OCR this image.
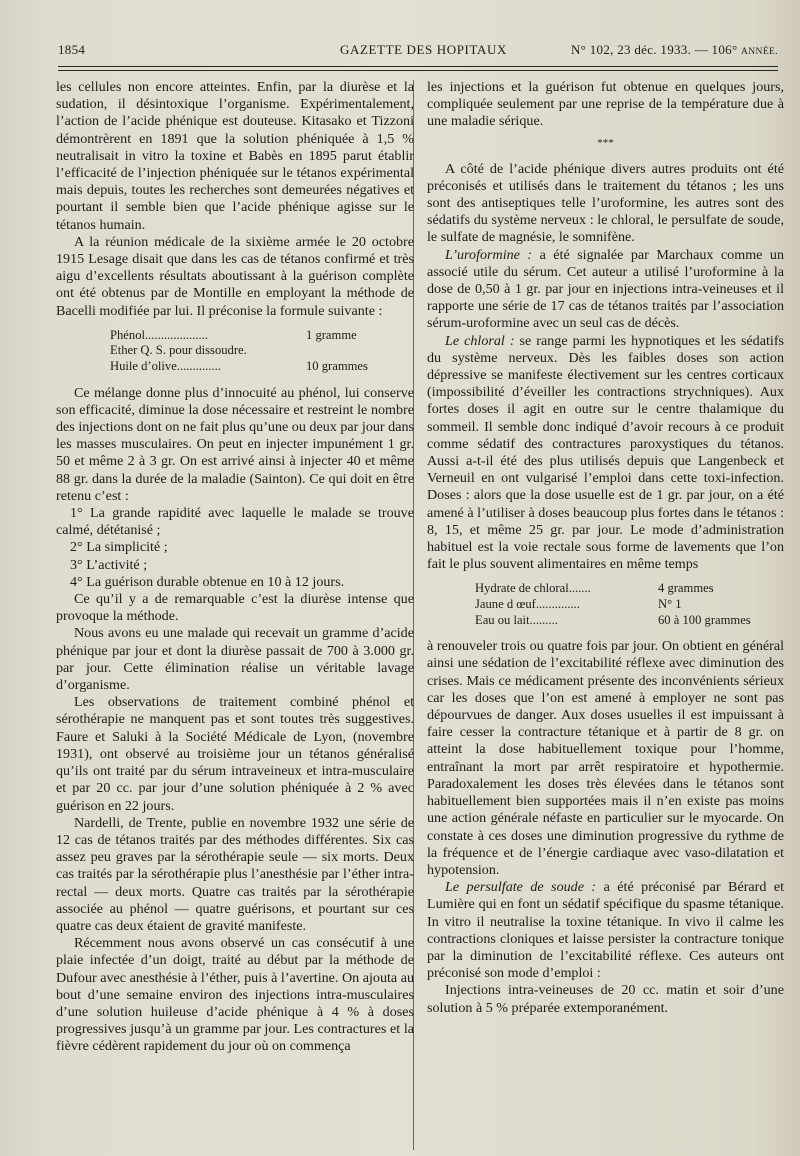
1854	GAZETTE DES HOPITAUX	N° 102, 23 déc. 1933. — 106° ANNÉE.

les cellules non encore atteintes. Enfin, par la diurèse et la sudation, il désintoxique l’organisme. Expérimentalement, l’action de l’acide phénique est douteuse. Kitasako et Tizzoni démontrèrent en 1891 que la solution phéniquée à 1,5 % neutralisait in vitro la toxine et Babès en 1895 parut établir l’efficacité de l’injection phéniquée sur le tétanos expérimental mais depuis, toutes les recherches sont demeurées négatives et pourtant il semble bien que l’acide phénique agisse sur le tétanos humain.

A la réunion médicale de la sixième armée le 20 octobre 1915 Lesage disait que dans les cas de tétanos confirmé et très aigu d’excellents résultats aboutissant à la guérison complète ont été obtenus par de Montille en employant la méthode de Bacelli modifiée par lui. Il préconise la formule suivante :

Phénol....................	1 gramme
Ether Q. S. pour dissoudre.
Huile d’olive..............	10 grammes

Ce mélange donne plus d’innocuité au phénol, lui conserve son efficacité, diminue la dose nécessaire et restreint le nombre des injections dont on ne fait plus qu’une ou deux par jour dans les masses musculaires. On peut en injecter impunément 1 gr. 50 et même 2 à 3 gr. On est arrivé ainsi à injecter 40 et même 88 gr. dans la durée de la maladie (Sainton). Ce qui doit en être retenu c’est :

1° La grande rapidité avec laquelle le malade se trouve calmé, dététanisé ;

2° La simplicité ;

3° L’activité ;

4° La guérison durable obtenue en 10 à 12 jours.

Ce qu’il y a de remarquable c’est la diurèse intense que provoque la méthode.

Nous avons eu une malade qui recevait un gramme d’acide phénique par jour et dont la diurèse passait de 700 à 3.000 gr. par jour. Cette élimination réalise un véritable lavage d’organisme.

Les observations de traitement combiné phénol et sérothérapie ne manquent pas et sont toutes très suggestives. Faure et Saluki à la Société Médicale de Lyon, (novembre 1931), ont observé au troisième jour un tétanos généralisé qu’ils ont traité par du sérum intraveineux et intra-musculaire et par 20 cc. par jour d’une solution phéniquée à 2 % avec guérison en 22 jours.

Nardelli, de Trente, publie en novembre 1932 une série de 12 cas de tétanos traités par des méthodes différentes. Six cas assez peu graves par la sérothérapie seule — six morts. Deux cas traités par la sérothérapie plus l’anesthésie par l’éther intra-rectal — deux morts. Quatre cas traités par la sérothérapie associée au phénol — quatre guérisons, et pourtant sur ces quatre cas deux étaient de gravité manifeste.

Récemment nous avons observé un cas consécutif à une plaie infectée d’un doigt, traité au début par la méthode de Dufour avec anesthésie à l’éther, puis à l’avertine. On ajouta au bout d’une semaine environ des injections intra-musculaires d’une solution huileuse d’acide phénique à 4 % à doses progressives jusqu’à un gramme par jour. Les contractures et la fièvre cédèrent rapidement du jour où on commença

les injections et la guérison fut obtenue en quelques jours, compliquée seulement par une reprise de la température due à une maladie sérique.

***

A côté de l’acide phénique divers autres produits ont été préconisés et utilisés dans le traitement du tétanos ; les uns sont des antiseptiques telle l’uroformine, les autres sont des sédatifs du système nerveux : le chloral, le persulfate de soude, le sulfate de magnésie, le somnifène.

L’uroformine : a été signalée par Marchaux comme un associé utile du sérum. Cet auteur a utilisé l’uroformine à la dose de 0,50 à 1 gr. par jour en injections intra-veineuses et il rapporte une série de 17 cas de tétanos traités par l’association sérum-uroformine avec un seul cas de décès.

Le chloral : se range parmi les hypnotiques et les sédatifs du système nerveux. Dès les faibles doses son action dépressive se manifeste électivement sur les centres corticaux (impossibilité d’éveiller les contractions strychniques). Aux fortes doses il agit en outre sur le centre thalamique du sommeil. Il semble donc indiqué d’avoir recours à ce produit comme sédatif des contractures paroxystiques du tétanos. Aussi a-t-il été des plus utilisés depuis que Langenbeck et Verneuil en ont vulgarisé l’emploi dans cette toxi-infection. Doses : alors que la dose usuelle est de 1 gr. par jour, on a été amené à l’utiliser à doses beaucoup plus fortes dans le tétanos : 8, 15, et même 25 gr. par jour. Le mode d’administration habituel est la voie rectale sous forme de lavements que l’on fait le plus souvent alimentaires en même temps

Hydrate de chloral.......	4 grammes
Jaune d œuf..............	N° 1
Eau ou lait.........	60 à 100 grammes

à renouveler trois ou quatre fois par jour. On obtient en général ainsi une sédation de l’excitabilité réflexe avec diminution des crises. Mais ce médicament présente des inconvénients sérieux car les doses que l’on est amené à employer ne sont pas dépourvues de danger. Aux doses usuelles il est impuissant à faire cesser la contracture tétanique et à partir de 8 gr. on atteint la dose habituellement toxique pour l’homme, entraînant la mort par arrêt respiratoire et hypothermie. Paradoxalement les doses très élevées dans le tétanos sont habituellement bien supportées mais il n’en existe pas moins une action générale néfaste en particulier sur le myocarde. On constate à ces doses une diminution progressive du rythme de la fréquence et de l’énergie cardiaque avec vaso-dilatation et hypotension.

Le persulfate de soude : a été préconisé par Bérard et Lumière qui en font un sédatif spécifique du spasme tétanique. In vitro il neutralise la toxine tétanique. In vivo il calme les contractions cloniques et laisse persister la contracture tonique par la diminution de l’excitabilité réflexe. Ces auteurs ont préconisé son mode d’emploi :

Injections intra-veineuses de 20 cc. matin et soir d’une solution à 5 % préparée extemporanément.
